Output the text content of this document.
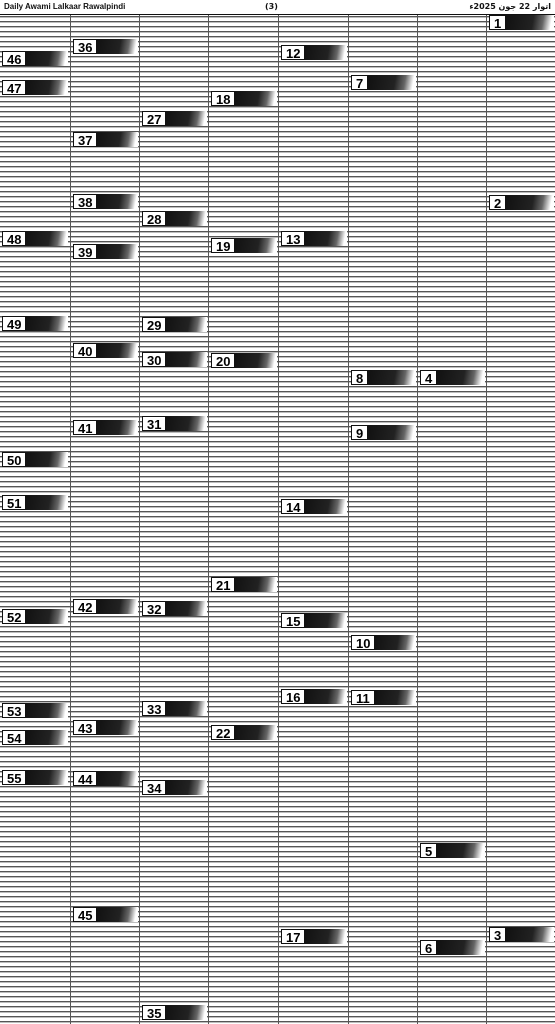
Daily Awami Lalkaar Rawalpindi	(3)	اتوار 22 جون 2025ء
46
47
48
49
50
51
52
53
54
55
36
37
38
39
40
41
42
43
44
45
27
28
29
30
31
32
33
34
35
18
19
20
21
22
12
13
14
15
16
17
7
8
9
10
11
4
5
6
1
2
3
